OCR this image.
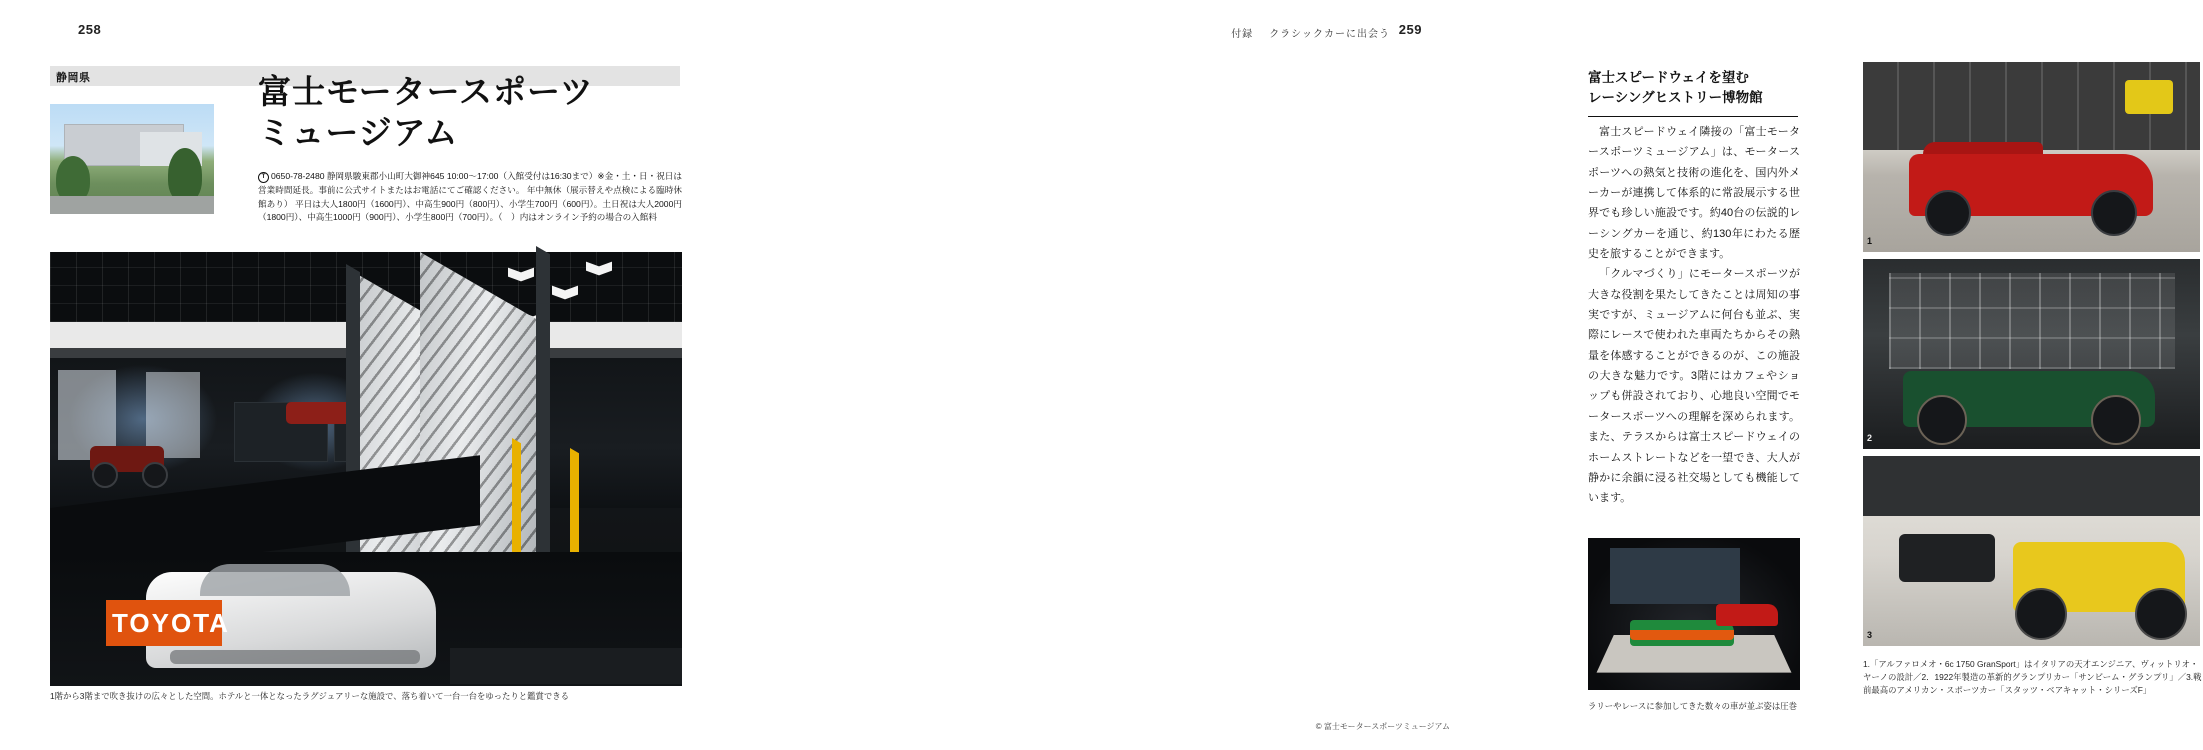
258
静岡県	富士モータースポーツ
ミュージアム
T 0650-78-2480 静岡県駿東郡小山町大御神645 10:00～17:00（入館受付は16:30まで）※金・土・日・祝日は営業時間延長。事前に公式サイトまたはお電話にてご確認ください。 年中無休（展示替えや点検による臨時休館あり） 平日は大人1800円（1600円）、中高生900円（800円）、小学生700円（600円）。土日祝は大人2000円（1800円）、中高生1000円（900円）、小学生800円（700円）。（　）内はオンライン予約の場合の入館料
TOYOTA
1階から3階まで吹き抜けの広々とした空間。ホテルと一体となったラグジュアリーな施設で、落ち着いて一台一台をゆったりと鑑賞できる
付録 クラシックカーに出会う 259
富士スピードウェイを望む
レーシングヒストリー博物館

富士スピードウェイ隣接の「富士モータースポーツミュージアム」は、モータースポーツへの熱気と技術の進化を、国内外メーカーが連携して体系的に常設展示する世界でも珍しい施設です。約40台の伝説的レーシングカーを通じ、約130年にわたる歴史を旅することができます。

「クルマづくり」にモータースポーツが大きな役割を果たしてきたことは周知の事実ですが、ミュージアムに何台も並ぶ、実際にレースで使われた車両たちからその熱量を体感することができるのが、この施設の大きな魅力です。3階にはカフェやショップも併設されており、心地良い空間でモータースポーツへの理解を深められます。また、テラスからは富士スピードウェイのホームストレートなどを一望でき、大人が静かに余韻に浸る社交場としても機能しています。

ラリーやレースに参加してきた数々の車が並ぶ姿は圧巻
1
2
3
1.「アルファロメオ・6c 1750 GranSport」はイタリアの天才エンジニア、ヴィットリオ・ヤーノの設計／2．1922年製造の革新的グランプリカー「サンビーム・グランプリ」／3.戦前最高のアメリカン・スポーツカー「スタッツ・ベアキャット・シリーズF」
© 富士モータースポーツミュージアム
